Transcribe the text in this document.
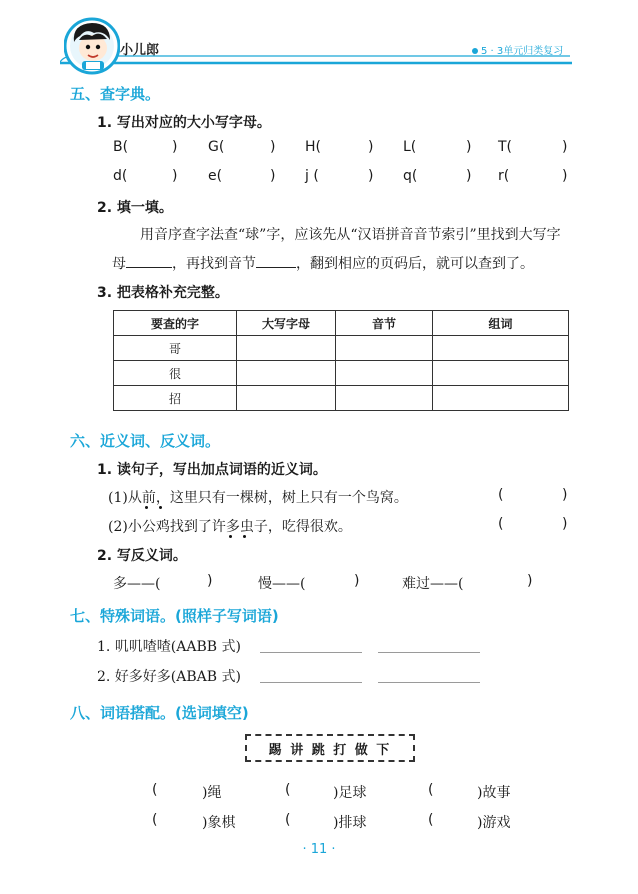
小儿郎	5 · 3单元归类复习
五、查字典。
1. 写出对应的大小写字母。
B(	) G(	) H(	) L(	) T(	)
d(	) e(	) j (	) q(	) r(	)
2. 填一填。
用音序查字法查“球”字，应该先从“汉语拼音音节索引”里找到大写字
母	，再找到音节	，翻到相应的页码后，就可以查到了。
3. 把表格补充完整。
要查的字	大写字母	音节	组词
哥			
很			
招			
六、近义词、反义词。
1. 读句子，写出加点词语的近义词。
(1)从前，这里只有一棵树，树上只有一个鸟窝。	(	)
(2)小公鸡找到了许多虫子，吃得很欢。	(	)
2. 写反义词。
多——(	)	慢——(	)	难过——(	)
七、特殊词语。(照样子写词语)
1. 叽叽喳喳(AABB 式)
2. 好多好多(ABAB 式)
八、词语搭配。(选词填空)
踢 讲 跳 打 做 下
(	)绳	(	)足球	(	)故事
(	)象棋	(	)排球	(	)游戏
· 11 ·
